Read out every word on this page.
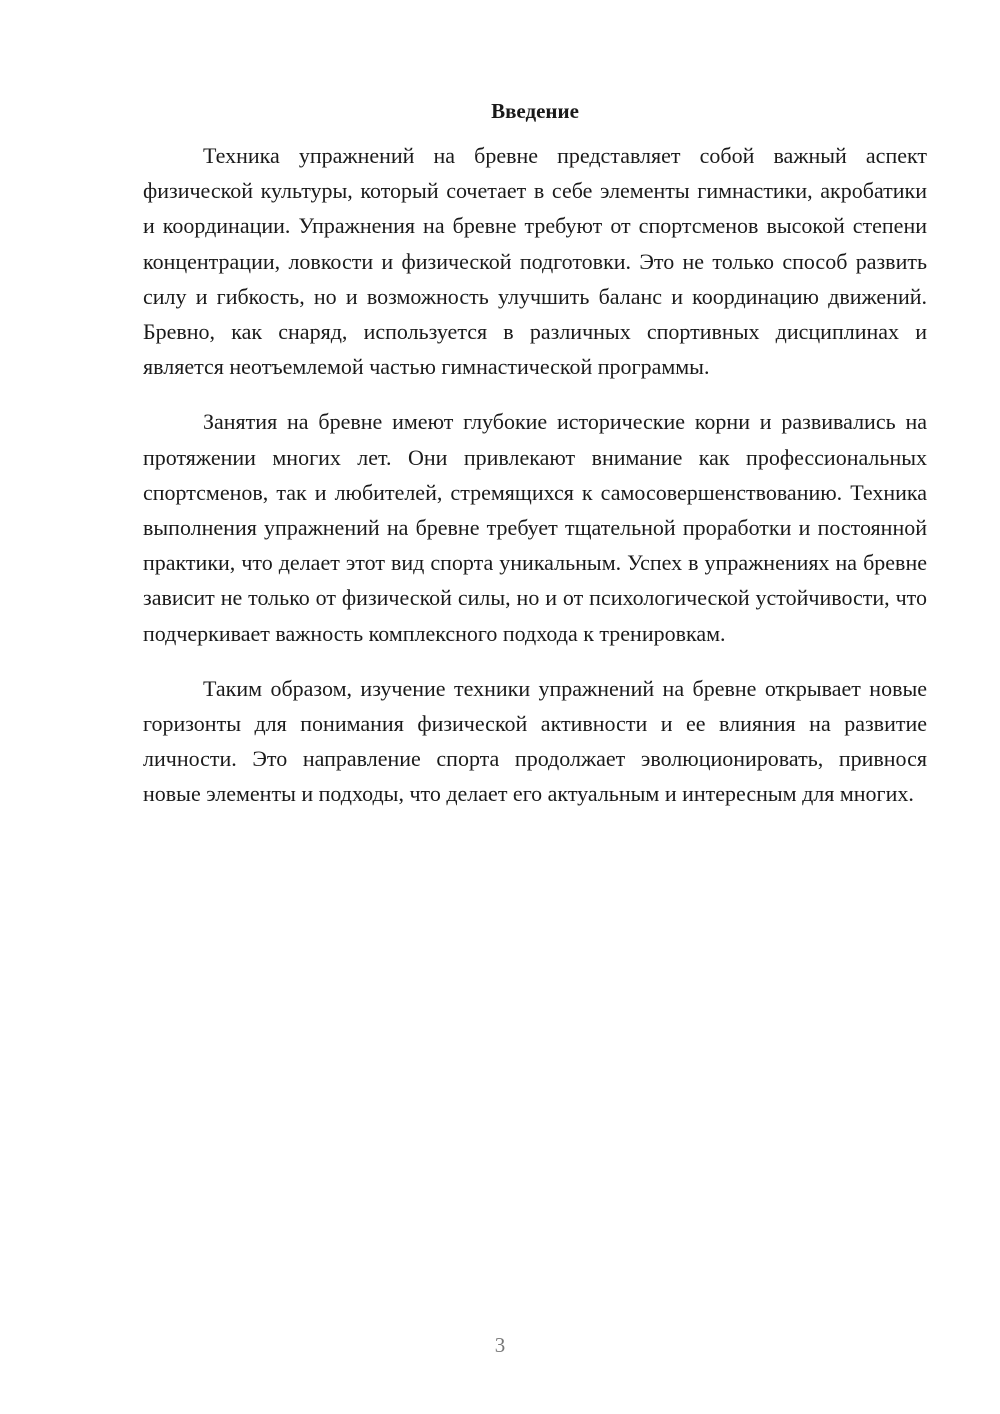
Введение

Техника упражнений на бревне представляет собой важный аспект физической культуры, который сочетает в себе элементы гимнастики, акробатики и координации. Упражнения на бревне требуют от спортсменов высокой степени концентрации, ловкости и физической подготовки. Это не только способ развить силу и гибкость, но и возможность улучшить баланс и координацию движений. Бревно, как снаряд, используется в различных спортивных дисциплинах и является неотъемлемой частью гимнастической программы.

Занятия на бревне имеют глубокие исторические корни и развивались на протяжении многих лет. Они привлекают внимание как профессиональных спортсменов, так и любителей, стремящихся к самосовершенствованию. Техника выполнения упражнений на бревне требует тщательной проработки и постоянной практики, что делает этот вид спорта уникальным. Успех в упражнениях на бревне зависит не только от физической силы, но и от психологической устойчивости, что подчеркивает важность комплексного подхода к тренировкам.

Таким образом, изучение техники упражнений на бревне открывает новые горизонты для понимания физической активности и ее влияния на развитие личности. Это направление спорта продолжает эволюционировать, привнося новые элементы и подходы, что делает его актуальным и интересным для многих.

3
